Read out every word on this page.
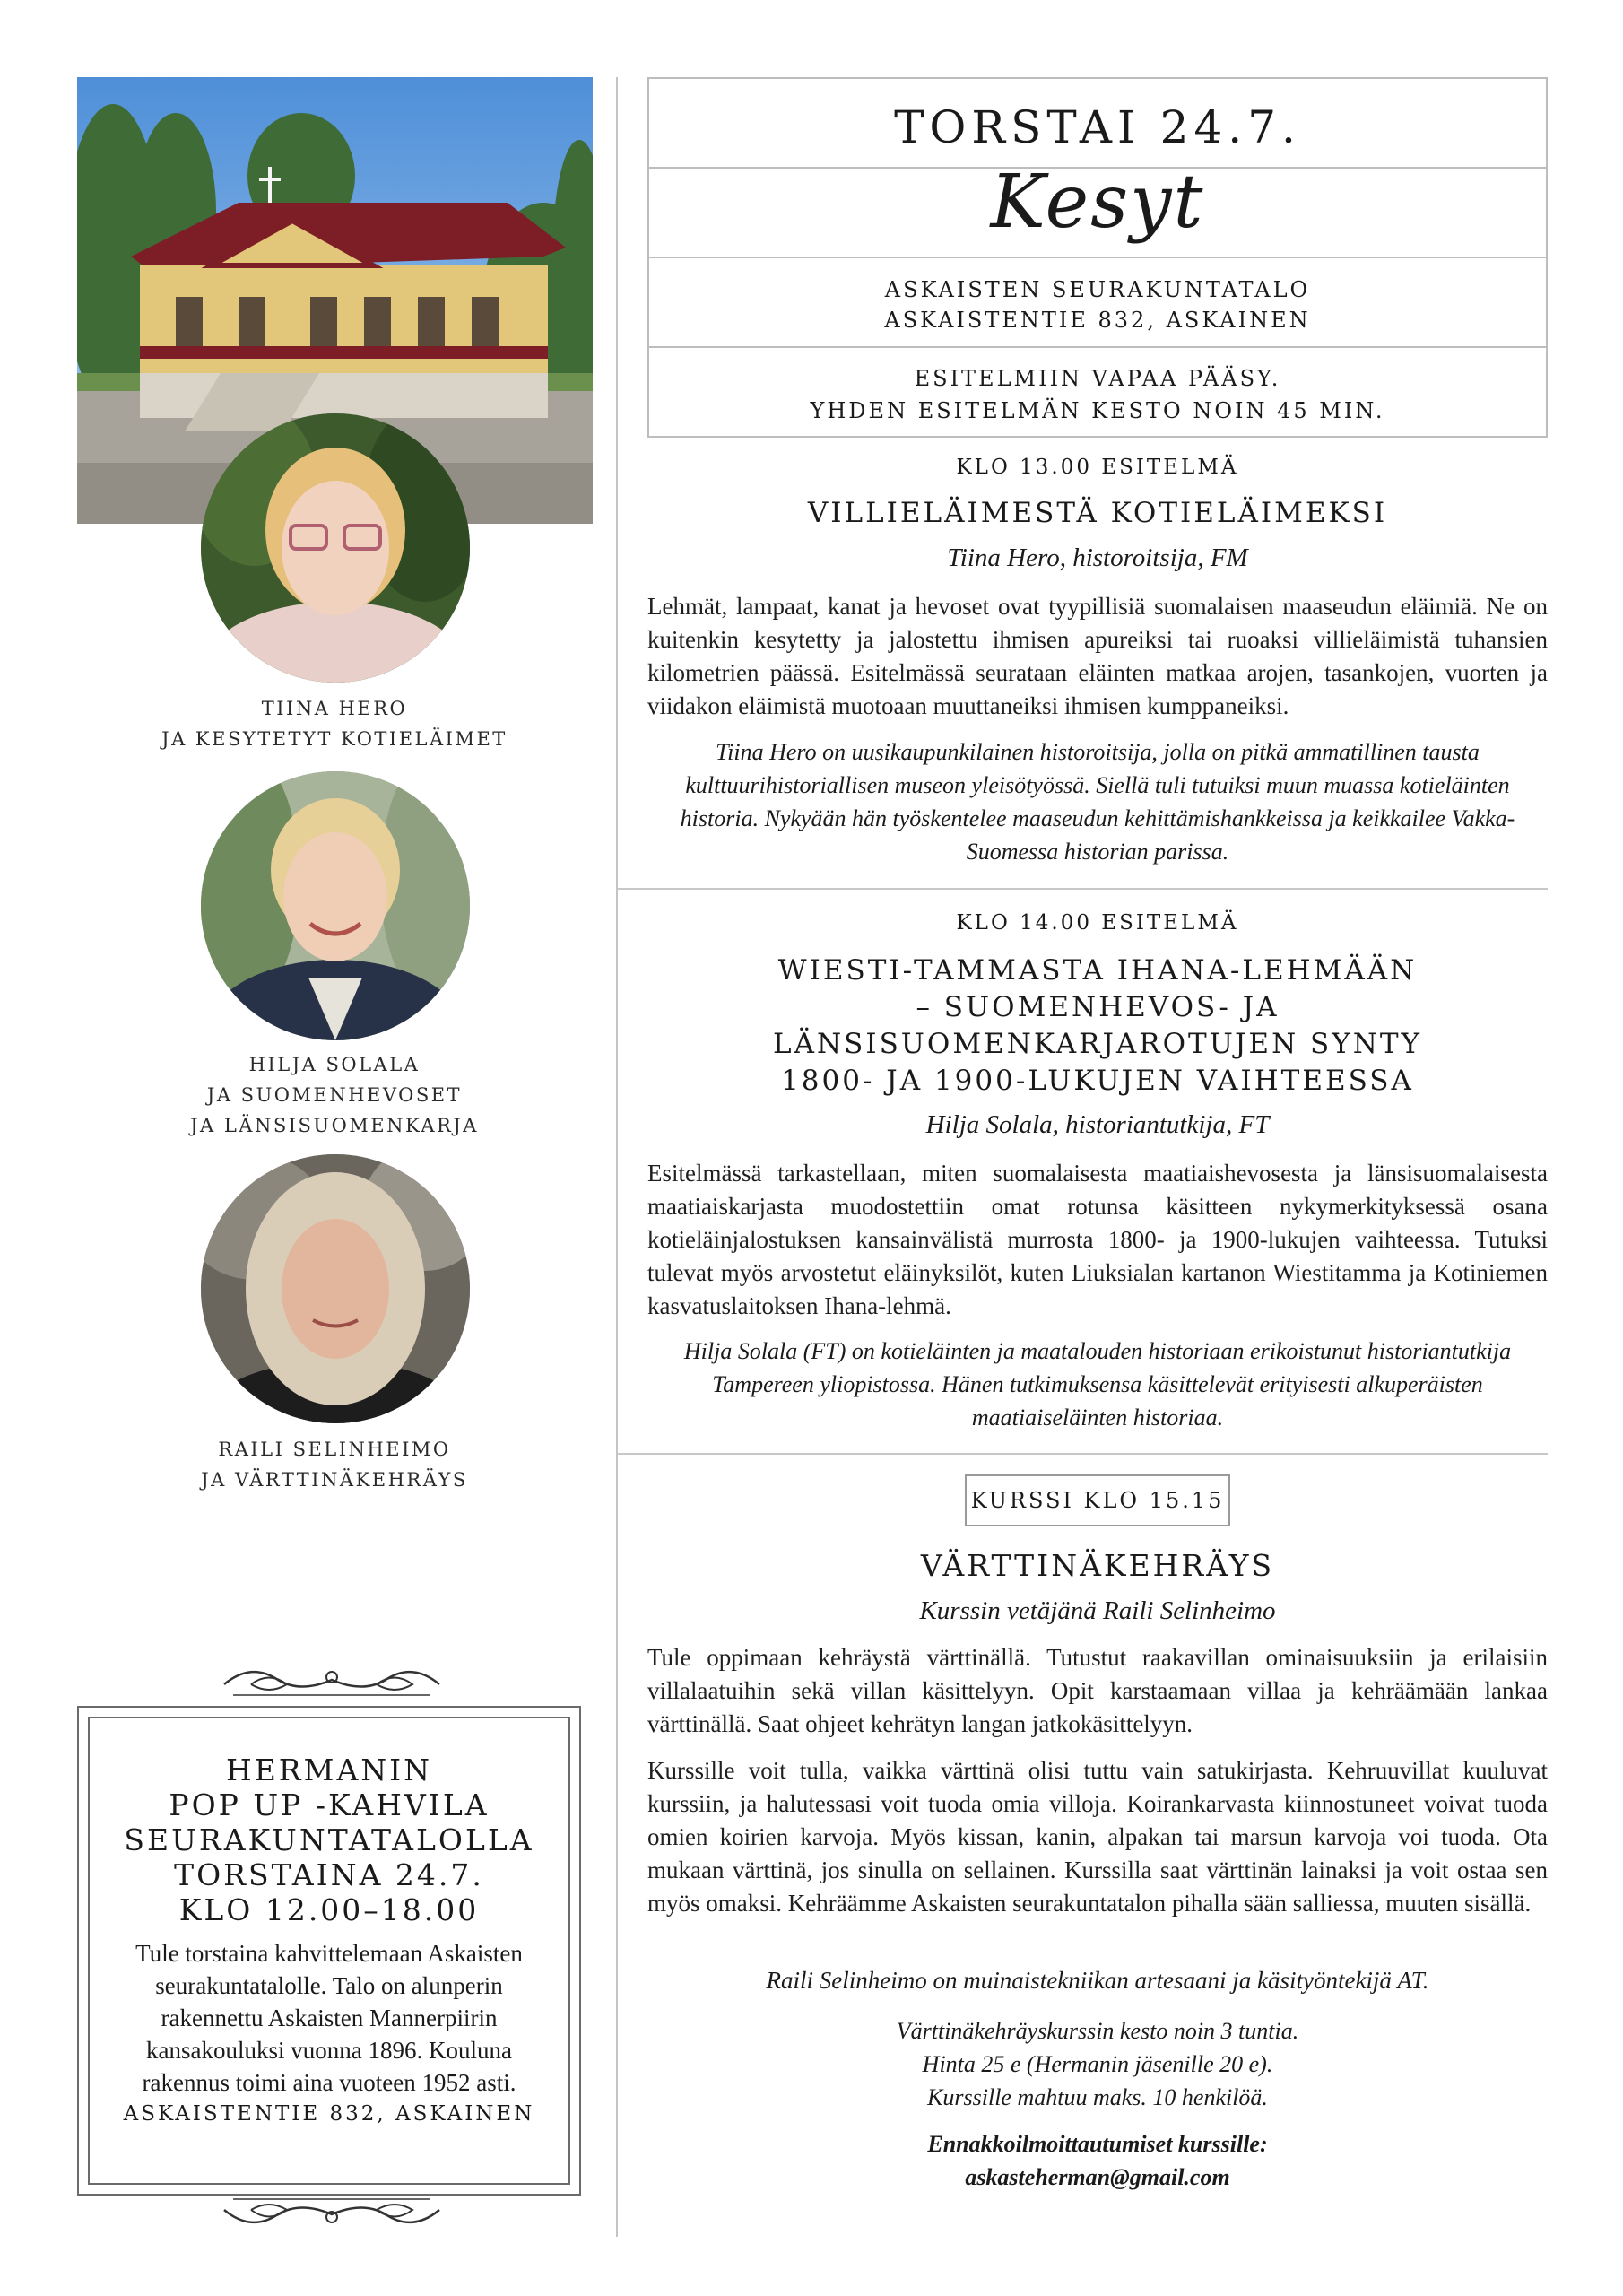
TIINA HERO
JA KESYTETYT KOTIELÄIMET
HILJA SOLALA
JA SUOMENHEVOSET
JA LÄNSISUOMENKARJA
RAILI SELINHEIMO
JA VÄRTTINÄKEHRÄYS
HERMANIN
POP UP -KAHVILA
SEURAKUNTATALOLLA
TORSTAINA 24.7.
KLO 12.00–18.00
Tule torstaina kahvittelemaan Askaisten seurakuntatalolle. Talo on alunperin rakennettu Askaisten Mannerpiirin kansakouluksi vuonna 1896. Kouluna rakennus toimi aina vuoteen 1952 asti.
ASKAISTENTIE 832, ASKAINEN
TORSTAI 24.7.
Kesyt
ASKAISTEN SEURAKUNTATALO
ASKAISTENTIE 832, ASKAINEN
ESITELMIIN VAPAA PÄÄSY.
YHDEN ESITELMÄN KESTO NOIN 45 MIN.
KLO 13.00 ESITELMÄ
VILLIELÄIMESTÄ KOTIELÄIMEKSI
Tiina Hero, historoitsija, FM
Lehmät, lampaat, kanat ja hevoset ovat tyypillisiä suomalaisen maaseudun eläimiä. Ne on kuitenkin kesytetty ja jalostettu ihmisen apureiksi tai ruoaksi villieläimistä tuhansien kilometrien päässä. Esitelmässä seurataan eläinten matkaa arojen, tasankojen, vuorten ja viidakon eläimistä muotoaan muuttaneiksi ihmisen kumppaneiksi.
Tiina Hero on uusikaupunkilainen historoitsija, jolla on pitkä ammatillinen tausta kulttuurihistoriallisen museon yleisötyössä. Siellä tuli tutuiksi muun muassa kotieläinten historia. Nykyään hän työskentelee maaseudun kehittämishankkeissa ja keikkailee Vakka-Suomessa historian parissa.
KLO 14.00 ESITELMÄ
WIESTI-TAMMASTA IHANA-LEHMÄÄN
– SUOMENHEVOS- JA
LÄNSISUOMENKARJAROTUJEN SYNTY
1800- JA 1900-LUKUJEN VAIHTEESSA
Hilja Solala, historiantutkija, FT
Esitelmässä tarkastellaan, miten suomalaisesta maatiaishevosesta ja länsisuomalaisesta maatiaiskarjasta muodostettiin omat rotunsa käsitteen nykymerkityksessä osana kotieläinjalostuksen kansainvälistä murrosta 1800- ja 1900-lukujen vaihteessa. Tutuksi tulevat myös arvostetut eläinyksilöt, kuten Liuksialan kartanon Wiestitamma ja Kotiniemen kasvatuslaitoksen Ihana-lehmä.
Hilja Solala (FT) on kotieläinten ja maatalouden historiaan erikoistunut historiantutkija Tampereen yliopistossa. Hänen tutkimuksensa käsittelevät erityisesti alkuperäisten maatiaiseläinten historiaa.
KURSSI KLO 15.15
VÄRTTINÄKEHRÄYS
Kurssin vetäjänä Raili Selinheimo
Tule oppimaan kehräystä värttinällä. Tutustut raakavillan ominaisuuksiin ja erilaisiin villalaatuihin sekä villan käsittelyyn. Opit karstaamaan villaa ja kehräämään lankaa värttinällä. Saat ohjeet kehrätyn langan jatkokäsittelyyn.
Kurssille voit tulla, vaikka värttinä olisi tuttu vain satukirjasta. Kehruuvillat kuuluvat kurssiin, ja halutessasi voit tuoda omia villoja. Koirankarvasta kiinnostuneet voivat tuoda omien koirien karvoja. Myös kissan, kanin, alpakan tai marsun karvoja voi tuoda. Ota mukaan värttinä, jos sinulla on sellainen. Kurssilla saat värttinän lainaksi ja voit ostaa sen myös omaksi. Kehräämme Askaisten seurakuntatalon pihalla sään salliessa, muuten sisällä.
Raili Selinheimo on muinaistekniikan artesaani ja käsityöntekijä AT.
Värttinäkehräyskurssin kesto noin 3 tuntia.
Hinta 25 e (Hermanin jäsenille 20 e).
Kurssille mahtuu maks. 10 henkilöä.
Ennakkoilmoittautumiset kurssille:
askasteherman@gmail.com
